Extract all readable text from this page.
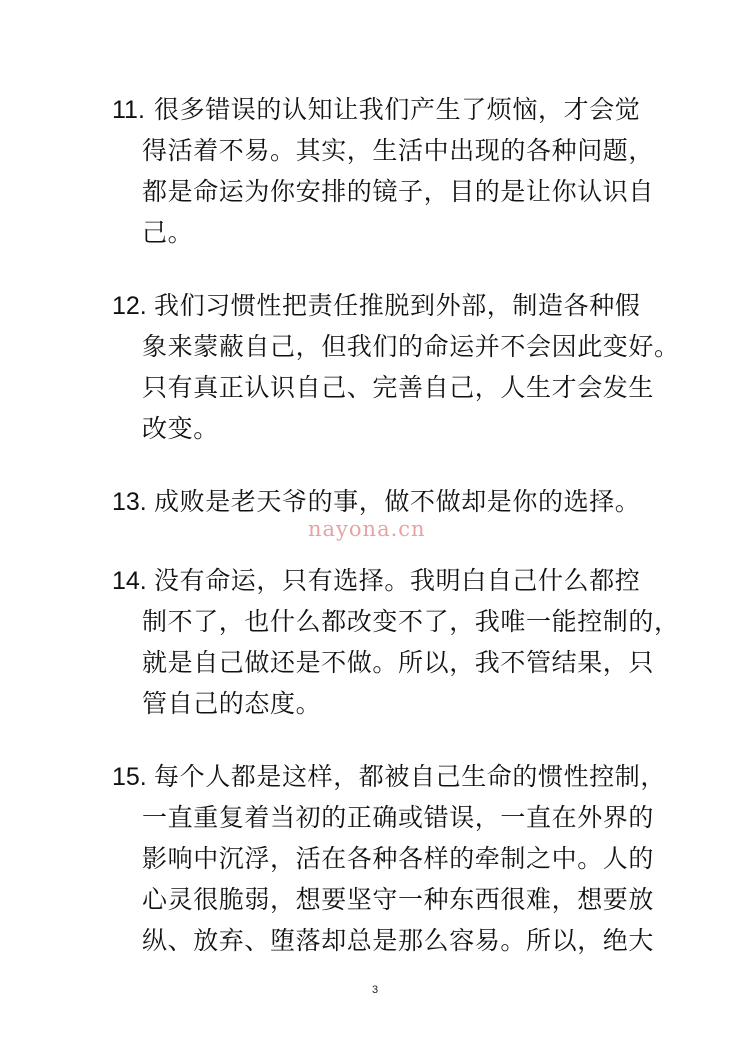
11. 很多错误的认知让我们产生了烦恼，才会觉
得活着不易。其实，生活中出现的各种问题，
都是命运为你安排的镜子，目的是让你认识自
己。
12. 我们习惯性把责任推脱到外部，制造各种假
象来蒙蔽自己，但我们的命运并不会因此变好。
只有真正认识自己、完善自己，人生才会发生
改变。
13. 成败是老天爷的事，做不做却是你的选择。
nayona.cn
14. 没有命运，只有选择。我明白自己什么都控
制不了，也什么都改变不了，我唯一能控制的，
就是自己做还是不做。所以，我不管结果，只
管自己的态度。
15. 每个人都是这样，都被自己生命的惯性控制，
一直重复着当初的正确或错误，一直在外界的
影响中沉浮，活在各种各样的牵制之中。人的
心灵很脆弱，想要坚守一种东西很难，想要放
纵、放弃、堕落却总是那么容易。所以，绝大
3
